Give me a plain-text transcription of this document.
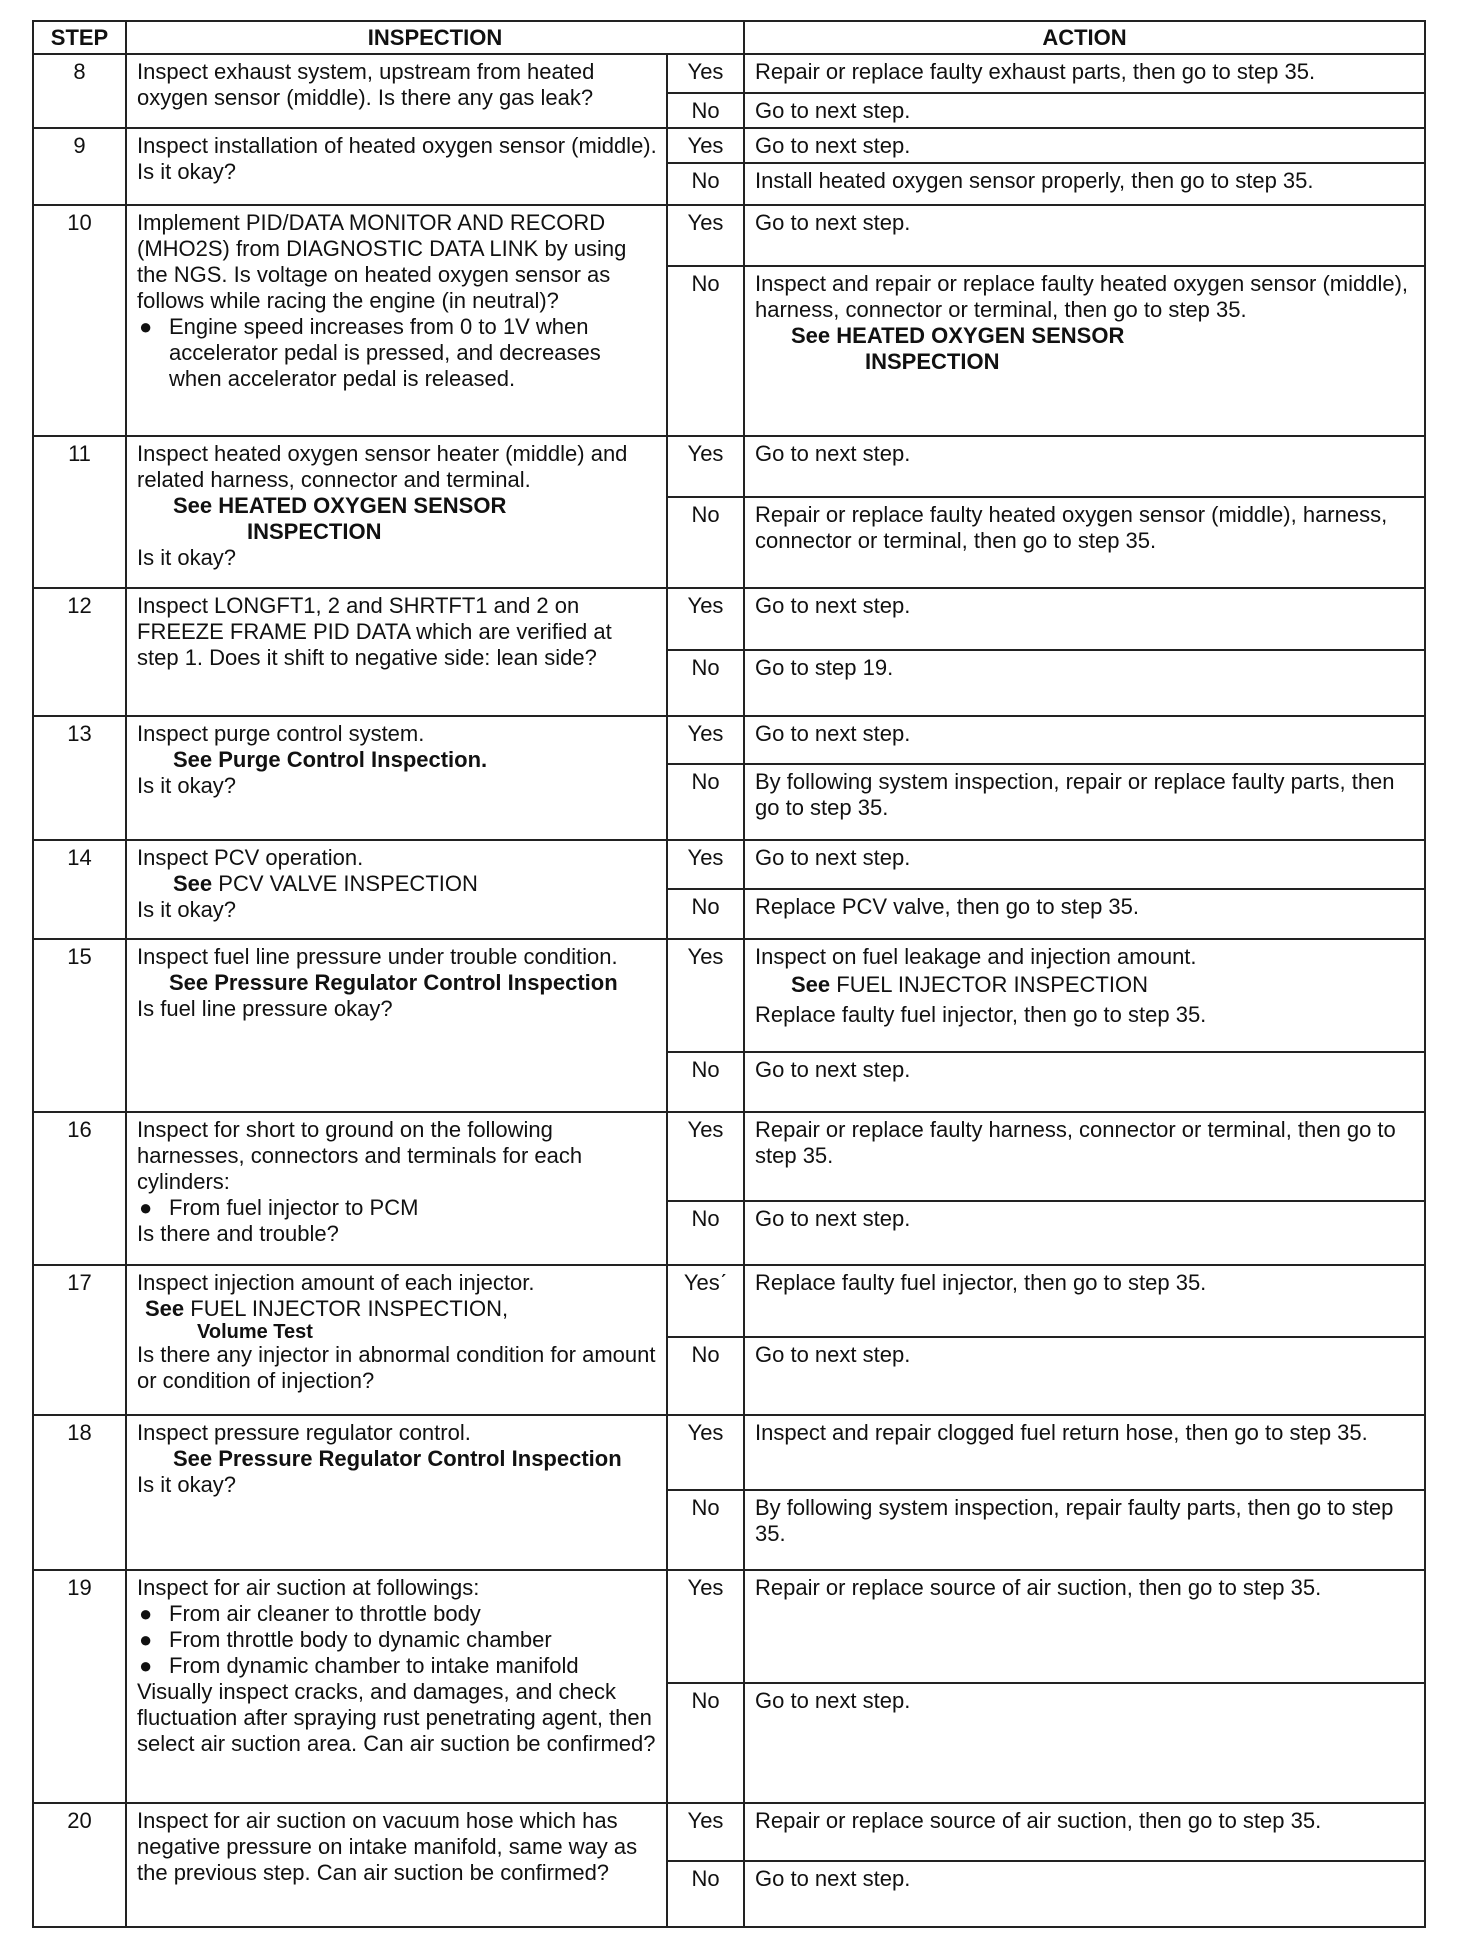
STEP	INSPECTION		ACTION
8	Inspect exhaust system, upstream from heated oxygen sensor (middle). Is there any gas leak?	Yes	Repair or replace faulty exhaust parts, then go to step 35.
		No	Go to next step.
9	Inspect installation of heated oxygen sensor (middle). Is it okay?	Yes	Go to next step.
		No	Install heated oxygen sensor properly, then go to step 35.
10	Implement PID/DATA MONITOR AND RECORD (MHO2S) from DIAGNOSTIC DATA LINK by using the NGS. Is voltage on heated oxygen sensor as follows while racing the engine (in neutral)?
● Engine speed increases from 0 to 1V when accelerator pedal is pressed, and decreases when accelerator pedal is released.	Yes	Go to next step.
		No	Inspect and repair or replace faulty heated oxygen sensor (middle), harness, connector or terminal, then go to step 35.
See HEATED OXYGEN SENSOR
INSPECTION

11	Inspect heated oxygen sensor heater (middle) and related harness, connector and terminal.
See HEATED OXYGEN SENSOR
INSPECTION
Is it okay?	Yes	Go to next step.
		No	Repair or replace faulty heated oxygen sensor (middle), harness, connector or terminal, then go to step 35.
12	Inspect LONGFT1, 2 and SHRTFT1 and 2 on FREEZE FRAME PID DATA which are verified at step 1. Does it shift to negative side: lean side?	Yes	Go to next step.
		No	Go to step 19.
13	Inspect purge control system.
See Purge Control Inspection.
Is it okay?	Yes	Go to next step.
		No	By following system inspection, repair or replace faulty parts, then go to step 35.
14	Inspect PCV operation.
See PCV VALVE INSPECTION
Is it okay?	Yes	Go to next step.
		No	Replace PCV valve, then go to step 35.
15	Inspect fuel line pressure under trouble condition.
See Pressure Regulator Control Inspection
Is fuel line pressure okay?	Yes	Inspect on fuel leakage and injection amount.
See FUEL INJECTOR INSPECTION
Replace faulty fuel injector, then go to step 35.

		No	Go to next step.
16	Inspect for short to ground on the following harnesses, connectors and terminals for each cylinders:
● From fuel injector to PCM
Is there and trouble?	Yes	Repair or replace faulty harness, connector or terminal, then go to step 35.
		No	Go to next step.
17	Inspect injection amount of each injector.
See FUEL INJECTOR INSPECTION,
Volume Test
Is there any injector in abnormal condition for amount or condition of injection?	Yesˊ	Replace faulty fuel injector, then go to step 35.
		No	Go to next step.
18	Inspect pressure regulator control.
See Pressure Regulator Control Inspection
Is it okay?	Yes	Inspect and repair clogged fuel return hose, then go to step 35.
		No	By following system inspection, repair faulty parts, then go to step 35.
19	Inspect for air suction at followings:
● From air cleaner to throttle body
● From throttle body to dynamic chamber
● From dynamic chamber to intake manifold
Visually inspect cracks, and damages, and check fluctuation after spraying rust penetrating agent, then select air suction area. Can air suction be confirmed?	Yes	Repair or replace source of air suction, then go to step 35.
		No	Go to next step.
20	Inspect for air suction on vacuum hose which has negative pressure on intake manifold, same way as the previous step. Can air suction be confirmed?	Yes	Repair or replace source of air suction, then go to step 35.
		No	Go to next step.
